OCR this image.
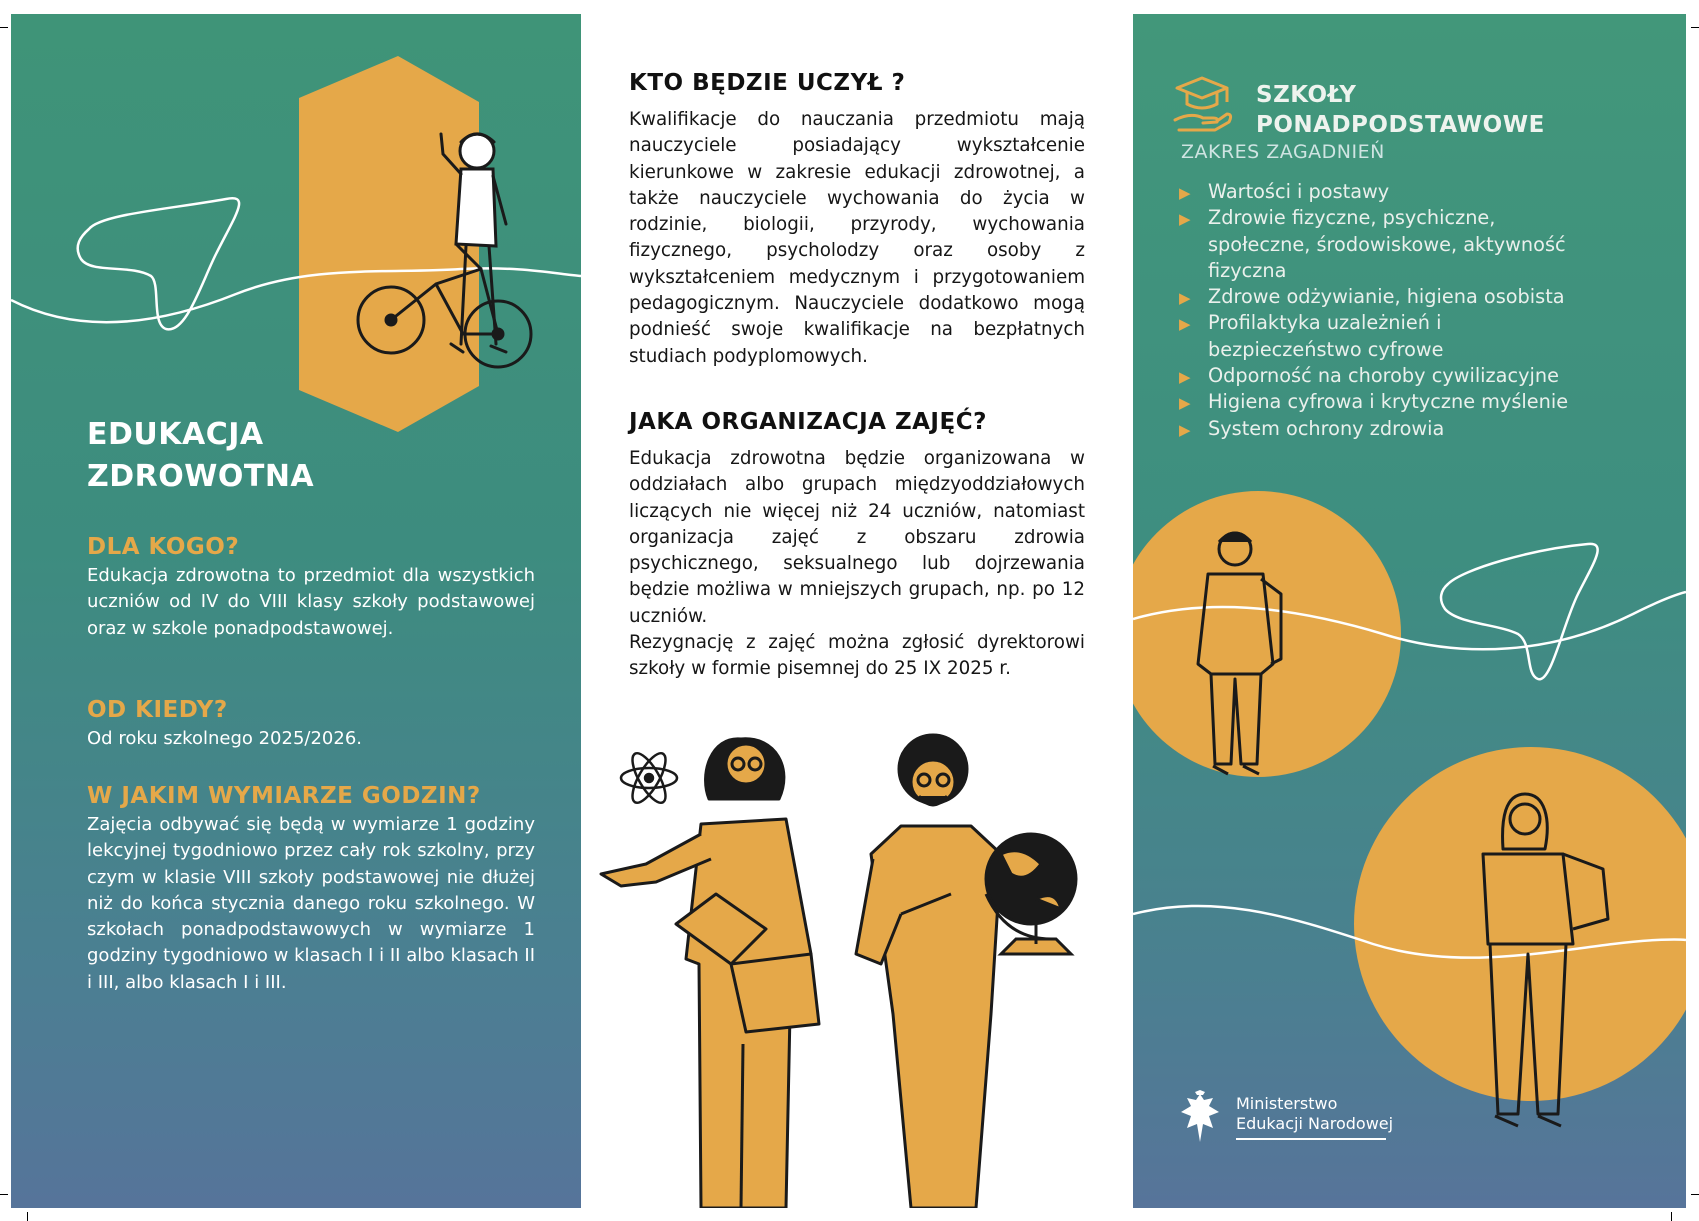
EDUKACJA
ZDROWOTNA
DLA KOGO?
Edukacja zdrowotna to przedmiot dla wszystkich uczniów od IV do VIII klasy szkoły podstawowej oraz w szkole ponadpodstawowej.
OD KIEDY?
Od roku szkolnego 2025/2026.
W JAKIM WYMIARZE GODZIN?
Zajęcia odbywać się będą w wymiarze 1 godziny lekcyjnej tygodniowo przez cały rok szkolny, przy czym w klasie VIII szkoły podstawowej nie dłużej niż do końca stycznia danego roku szkolnego. W szkołach ponadpodstawowych w wymiarze 1 godziny tygodniowo w klasach I i II albo klasach II i III, albo klasach I i III.
KTO BĘDZIE UCZYŁ ?
Kwalifikacje do nauczania przedmiotu mają nauczyciele posiadający wykształcenie kierunkowe w zakresie edukacji zdrowotnej, a także nauczyciele wychowania do życia w rodzinie, biologii, przyrody, wychowania fizycznego, psycholodzy oraz osoby z wykształceniem medycznym i przygotowaniem pedagogicznym. Nauczyciele dodatkowo mogą podnieść swoje kwalifikacje na bezpłatnych studiach podyplomowych.
JAKA ORGANIZACJA ZAJĘĆ?
Edukacja zdrowotna będzie organizowana w oddziałach albo grupach międzyoddziałowych liczących nie więcej niż 24 uczniów, natomiast organizacja zajęć z obszaru zdrowia psychicznego, seksualnego lub dojrzewania będzie możliwa w mniejszych grupach, np. po 12 uczniów.
Rezygnację z zajęć można zgłosić dyrektorowi szkoły w formie pisemnej do 25 IX 2025 r.
SZKOŁY
PONADPODSTAWOWE
ZAKRES ZAGADNIEŃ
▶ Wartości i postawy
▶ Zdrowie fizyczne, psychiczne, społeczne, środowiskowe, aktywność fizyczna
▶ Zdrowe odżywianie, higiena osobista
▶ Profilaktyka uzależnień i bezpieczeństwo cyfrowe
▶ Odporność na choroby cywilizacyjne
▶ Higiena cyfrowa i krytyczne myślenie
▶ System ochrony zdrowia
Ministerstwo
Edukacji Narodowej
